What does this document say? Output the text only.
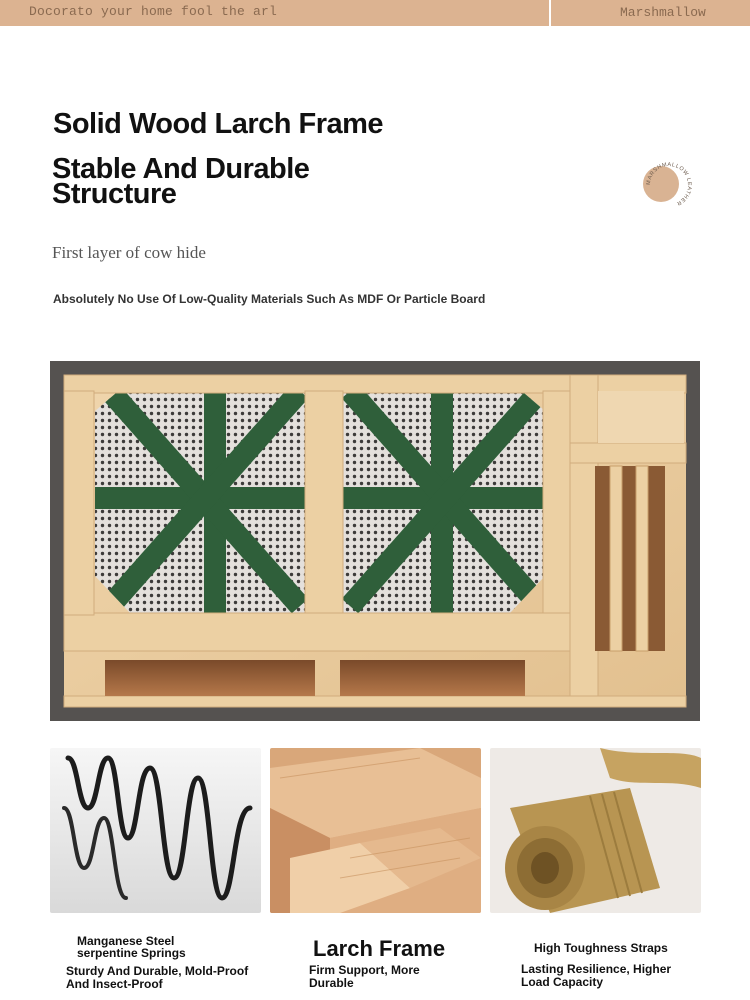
Docorato your home fool the arl	Marshmallow
Solid Wood Larch Frame
Stable And Durable Structure	MARSHMALLOW LEATHER
First layer of cow hide
Absolutely No Use Of Low-Quality Materials Such As MDF Or Particle Board
Manganese Steel serpentine Springs
Sturdy And Durable, Mold-Proof And Insect-Proof
Larch Frame
Firm Support, More Durable
High Toughness Straps
Lasting Resilience, Higher Load Capacity
